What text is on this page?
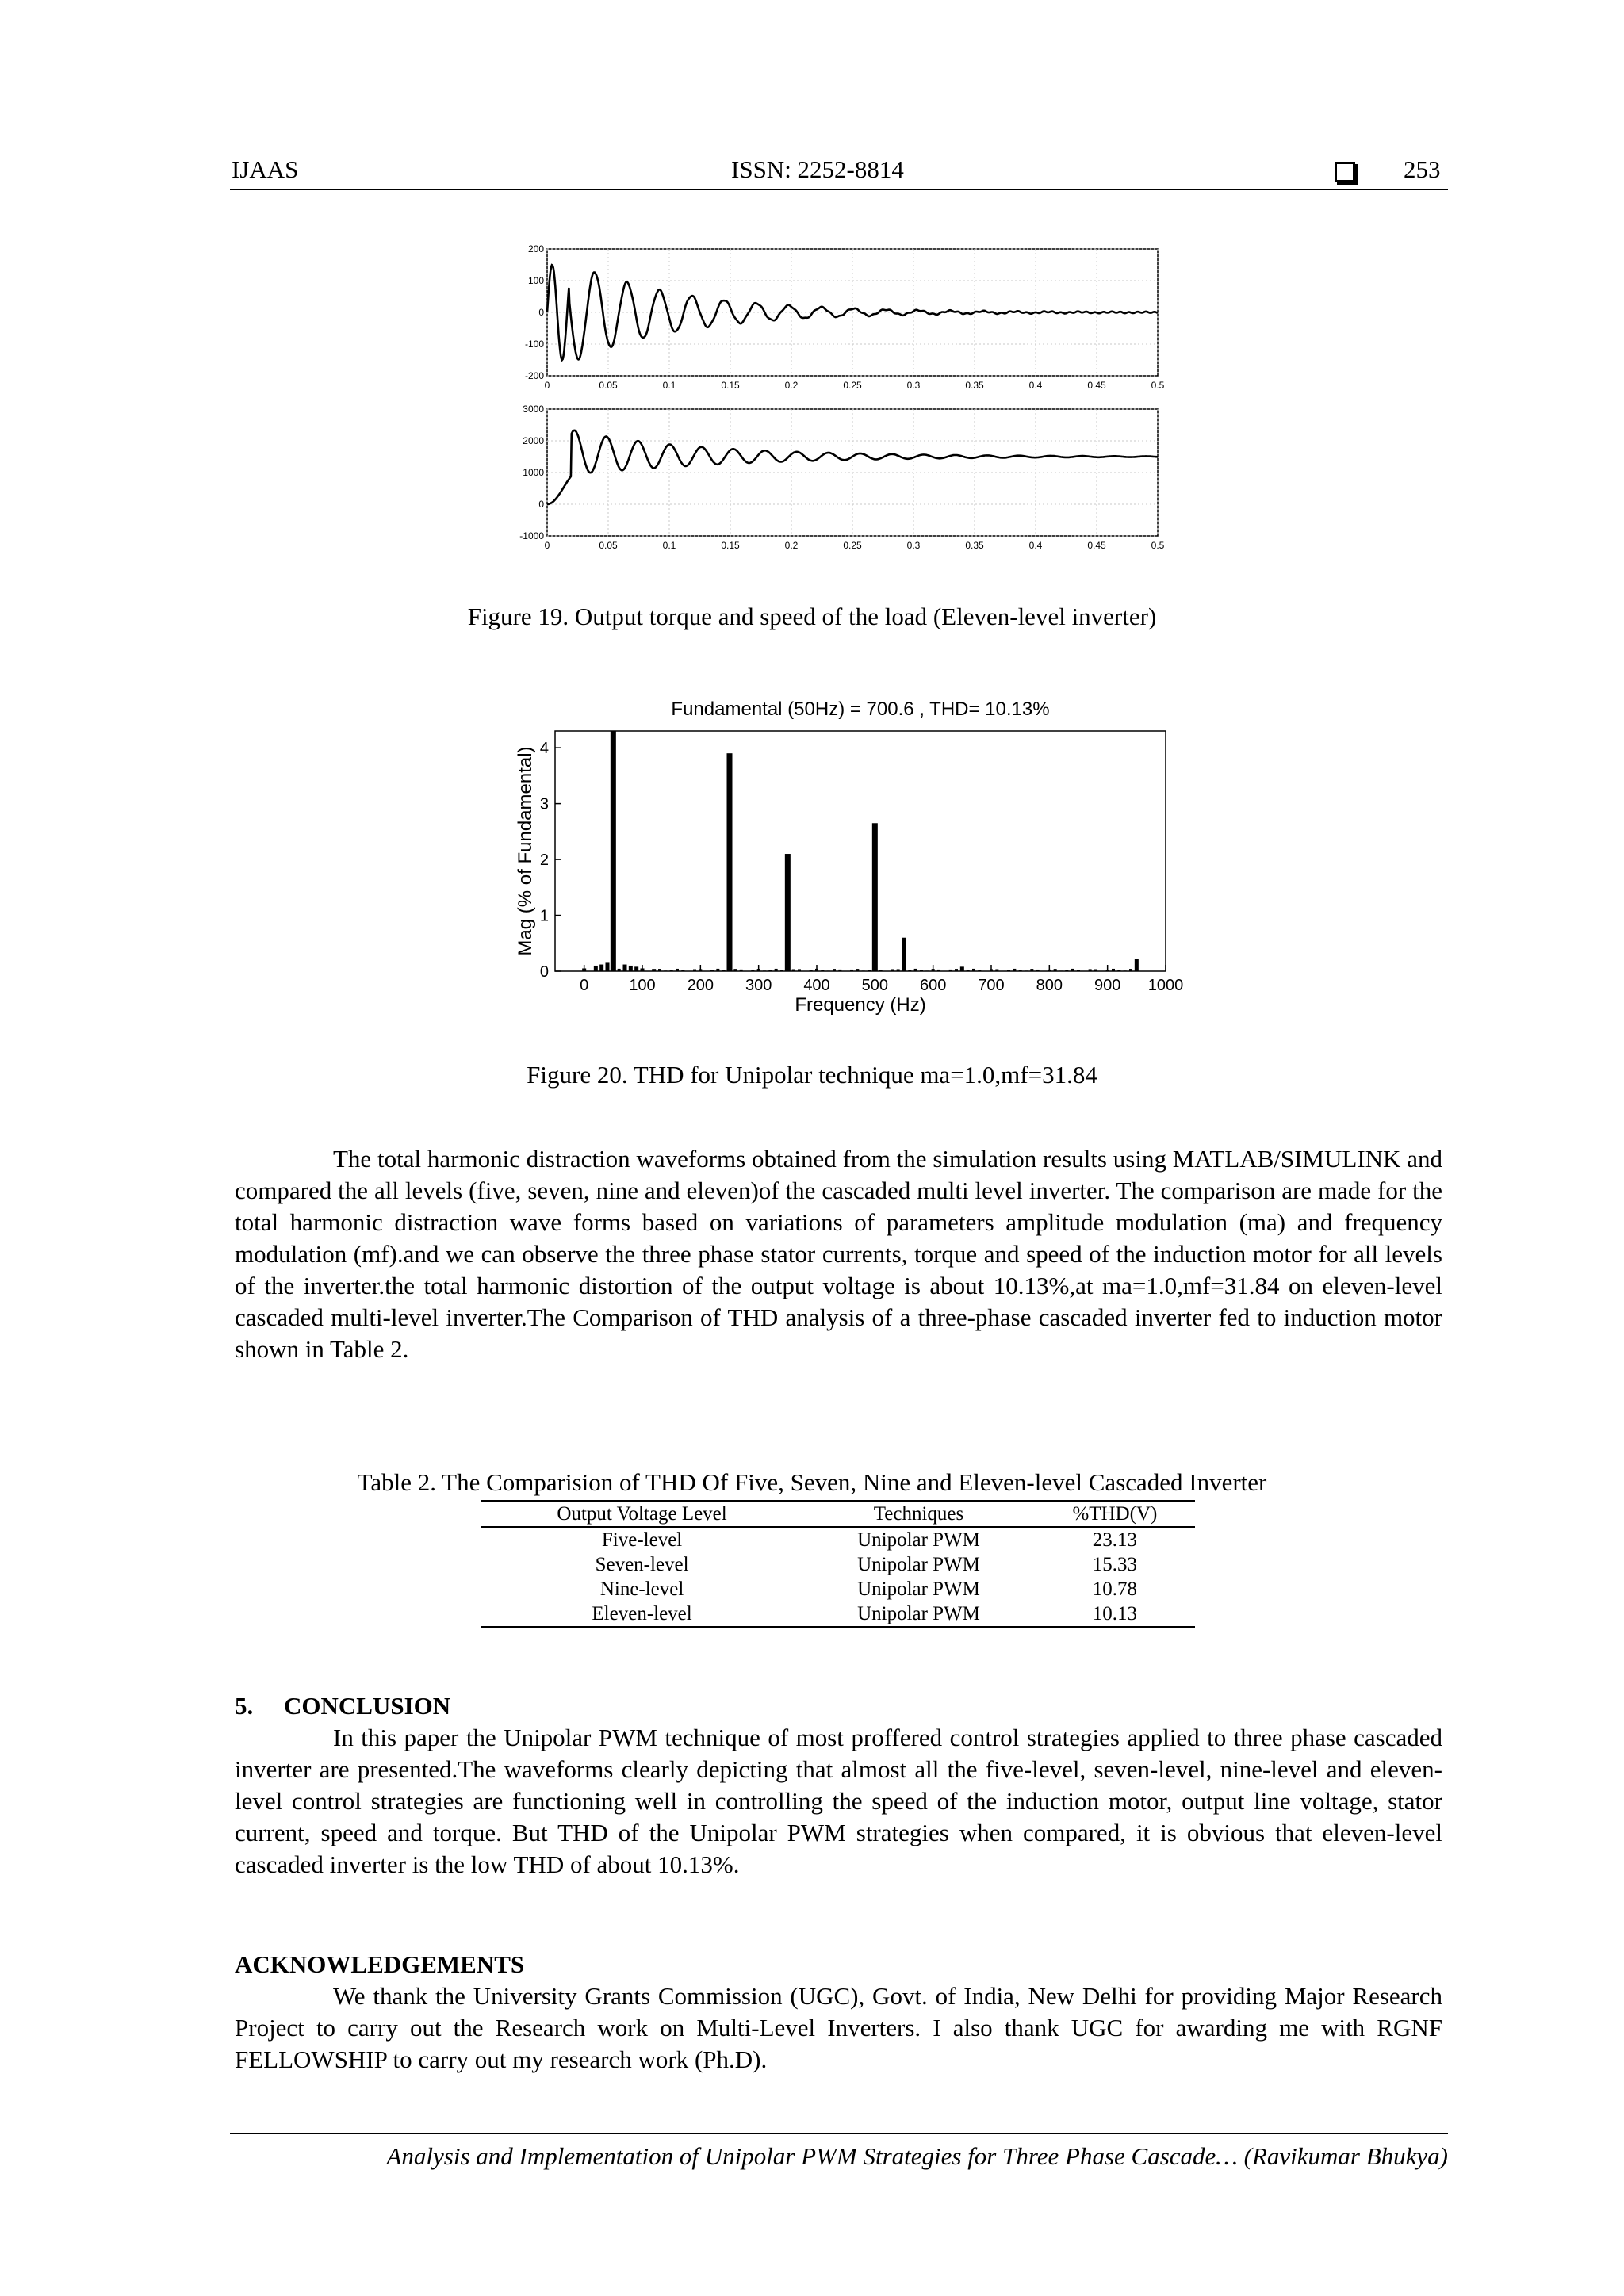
IJAAS	ISSN: 2252-8814	253
200
100
0
-100
-200
0	0.05	0.1	0.15	0.2	0.25	0.3	0.35	0.4	0.45	0.5
3000
2000
1000
0
-1000
0	0.05	0.1	0.15	0.2	0.25	0.3	0.35	0.4	0.45	0.5
Figure 19. Output torque and speed of the load (Eleven-level inverter)
Fundamental (50Hz) = 700.6 , THD= 10.13%
0
1
2
3
4
0	100 200 300 400 500 600 700 800 900 1000
Frequency (Hz)
Mag (% of Fundamental)
Figure 20. THD for Unipolar technique ma=1.0,mf=31.84
The total harmonic distraction waveforms obtained from the simulation results using MATLAB/SIMULINK and compared the all levels (five, seven, nine and eleven)of the cascaded multi level inverter. The comparison are made for the total harmonic distraction wave forms based on variations of parameters amplitude modulation (ma) and frequency modulation (mf).and we can observe the three phase stator currents, torque and speed of the induction motor for all levels of the inverter.the total harmonic distortion of the output voltage is about 10.13%,at ma=1.0,mf=31.84 on eleven-level cascaded multi-level inverter.The Comparison of THD analysis of a three-phase cascaded inverter fed to induction motor shown in Table 2.
Table 2. The Comparision of THD Of Five, Seven, Nine and Eleven-level Cascaded Inverter
Output Voltage Level	Techniques	%THD(V)
Five-level	Unipolar PWM	23.13
Seven-level	Unipolar PWM	15.33
Nine-level	Unipolar PWM	10.78
Eleven-level	Unipolar PWM	10.13
5.     CONCLUSION
In this paper the Unipolar PWM technique of most proffered control strategies applied to three phase cascaded inverter are presented.The waveforms clearly depicting that almost all the five-level, seven-level, nine-level and eleven-level control strategies are functioning well in controlling the speed of the induction motor, output line voltage, stator current, speed and torque. But THD of the Unipolar PWM strategies when compared, it is obvious that eleven-level cascaded inverter is the low THD of about 10.13%.
ACKNOWLEDGEMENTS
We thank the University Grants Commission (UGC), Govt. of India, New Delhi for providing Major Research Project to carry out the Research work on Multi-Level Inverters. I also thank UGC for awarding me with RGNF FELLOWSHIP to carry out my research work (Ph.D).
Analysis and Implementation of Unipolar PWM Strategies for Three Phase Cascade… (Ravikumar Bhukya)
